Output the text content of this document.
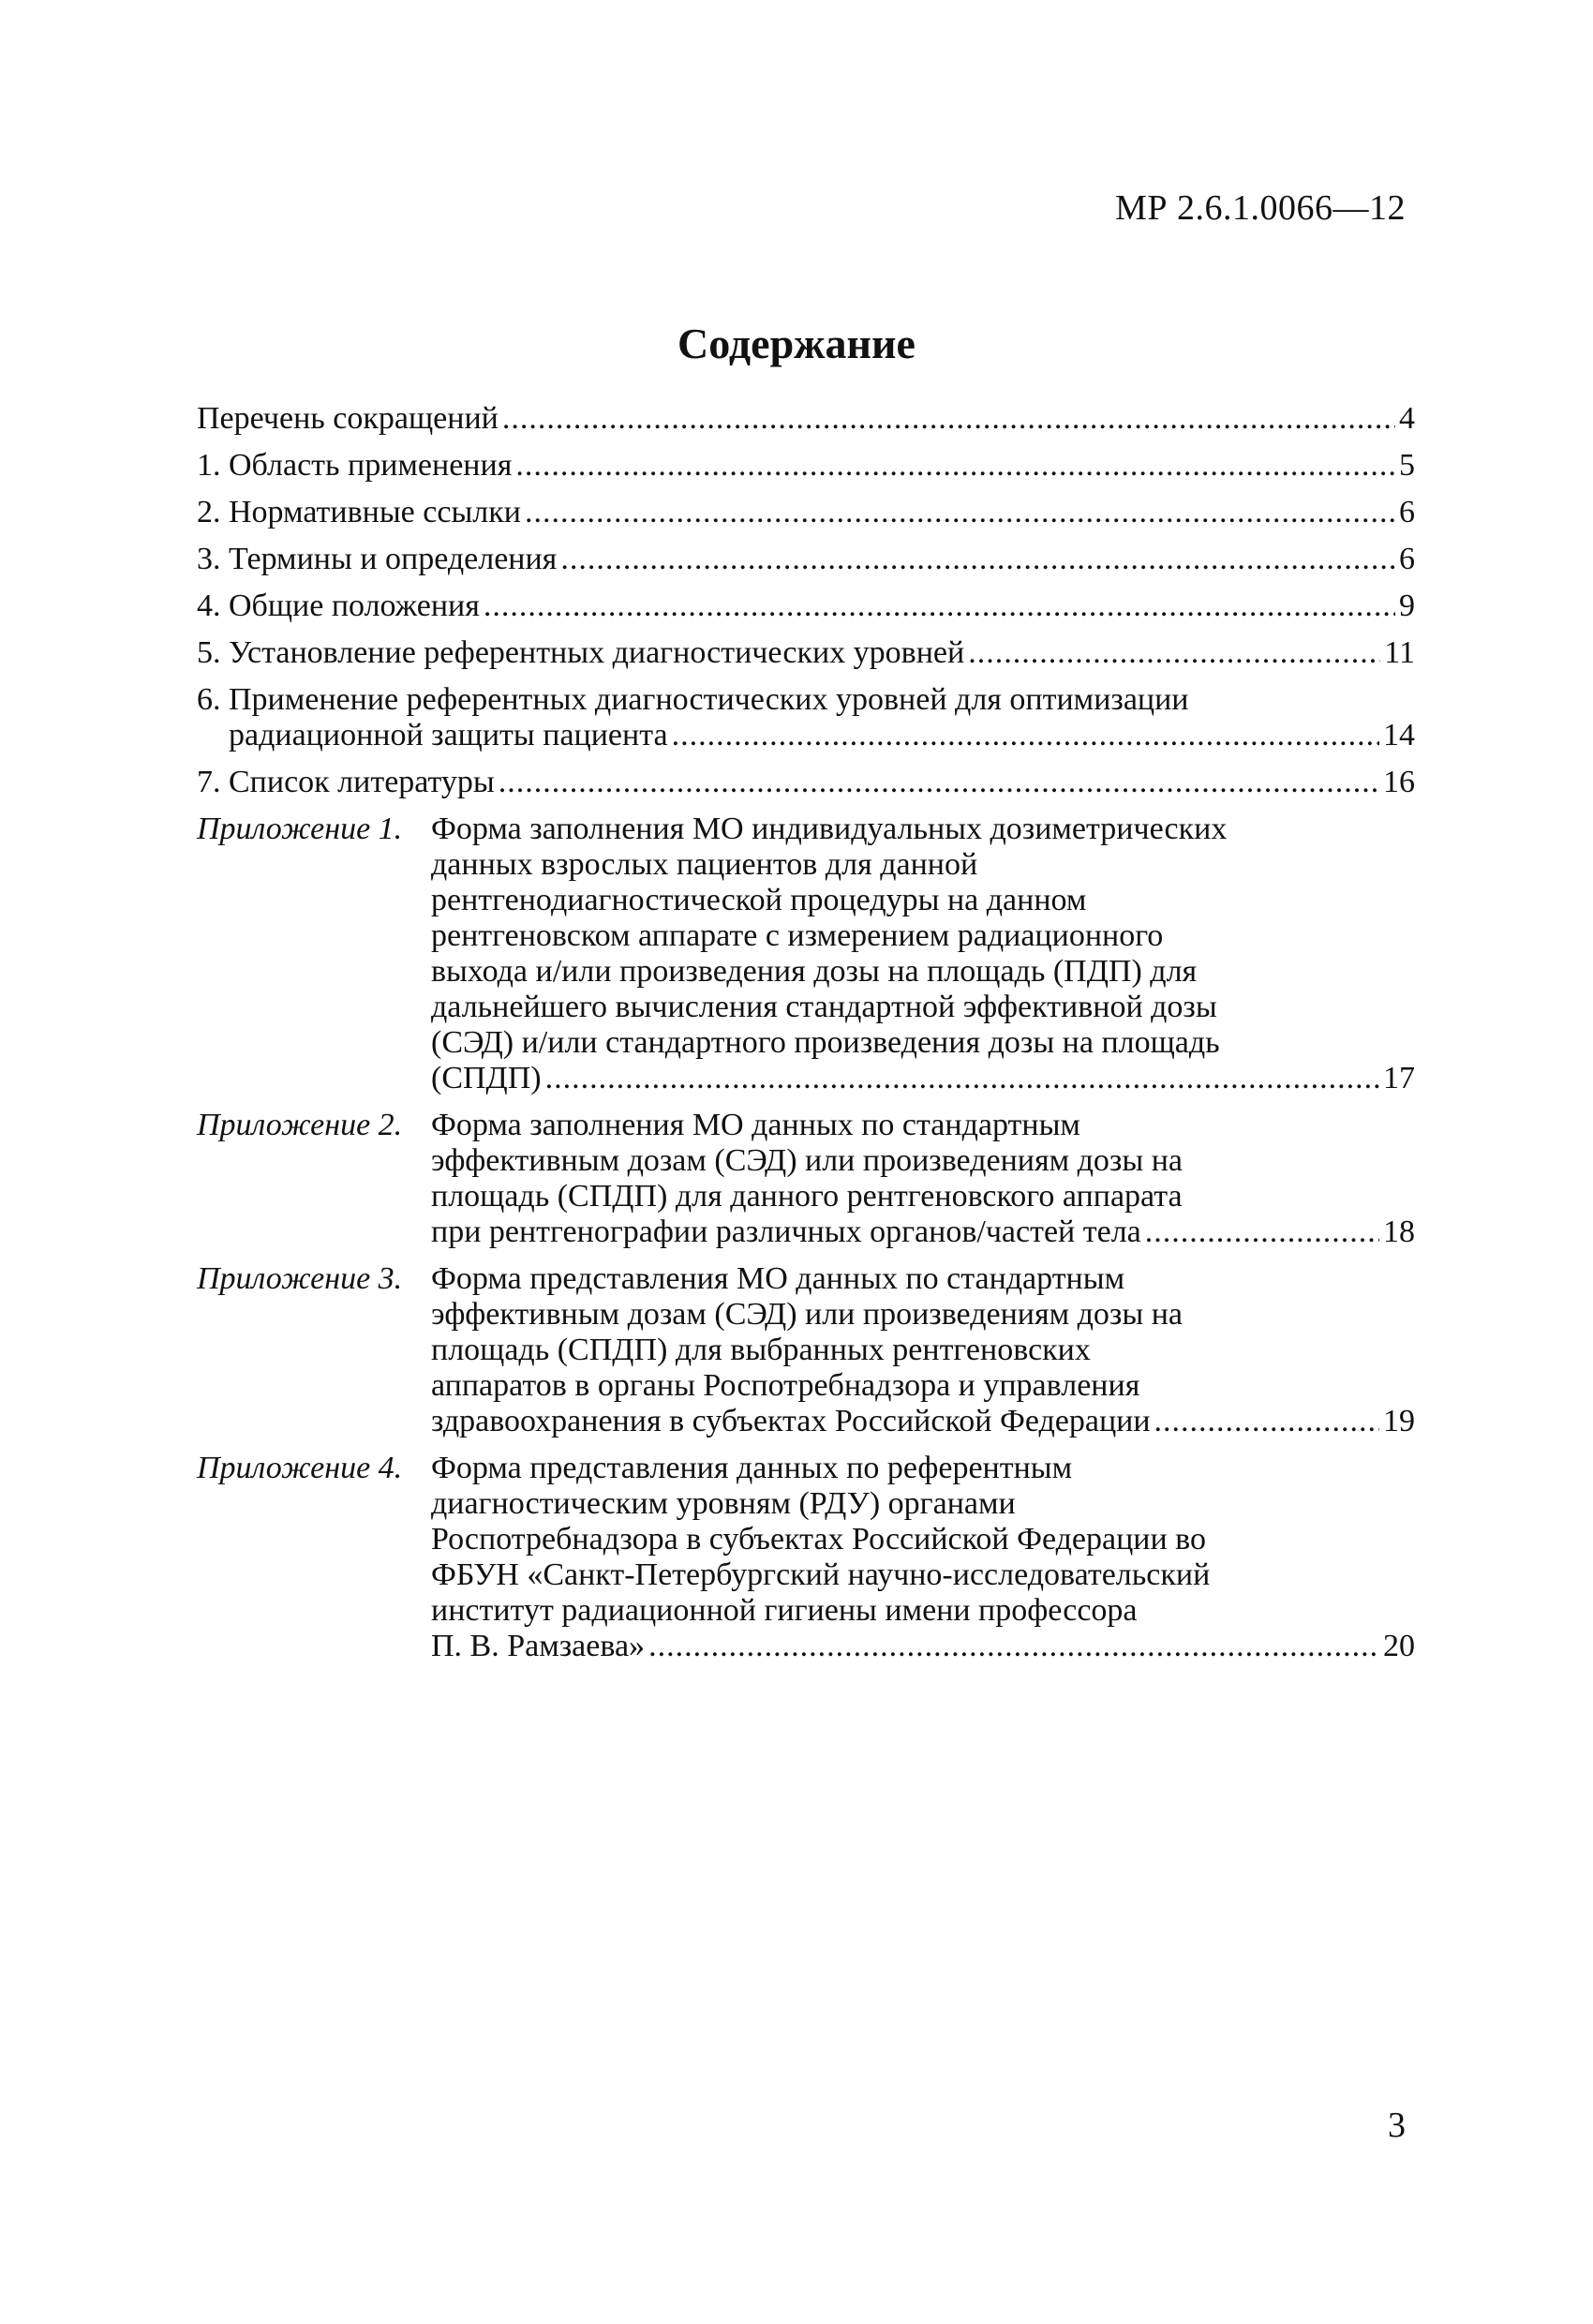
МР 2.6.1.0066—12
Содержание
Перечень сокращений .....	4
1. Область применения .....	5
2. Нормативные ссылки .....	6
3. Термины и определения .....	6
4. Общие положения .....	9
5. Установление референтных диагностических уровней .....	11
6. Применение референтных диагностических уровней для оптимизации
радиационной защиты пациента .....	14
7. Список литературы .....	16
Приложение 1. Форма заполнения МО индивидуальных дозиметрических
данных взрослых пациентов для данной
рентгенодиагностической процедуры на данном
рентгеновском аппарате с измерением радиационного
выхода и/или произведения дозы на площадь (ПДП) для
дальнейшего вычисления стандартной эффективной дозы
(СЭД) и/или стандартного произведения дозы на площадь
(СПДП) .....	17
Приложение 2. Форма заполнения МО данных по стандартным
эффективным дозам (СЭД) или произведениям дозы на
площадь (СПДП) для данного рентгеновского аппарата
при рентгенографии различных органов/частей тела .....	18
Приложение 3. Форма представления МО данных по стандартным
эффективным дозам (СЭД) или произведениям дозы на
площадь (СПДП) для выбранных рентгеновских
аппаратов в органы Роспотребнадзора и управления
здравоохранения в субъектах Российской Федерации .....	19
Приложение 4. Форма представления данных по референтным
диагностическим уровням (РДУ) органами
Роспотребнадзора в субъектах Российской Федерации во
ФБУН «Санкт-Петербургский научно-исследовательский
институт радиационной гигиены имени профессора
П. В. Рамзаева» .....	20
3
